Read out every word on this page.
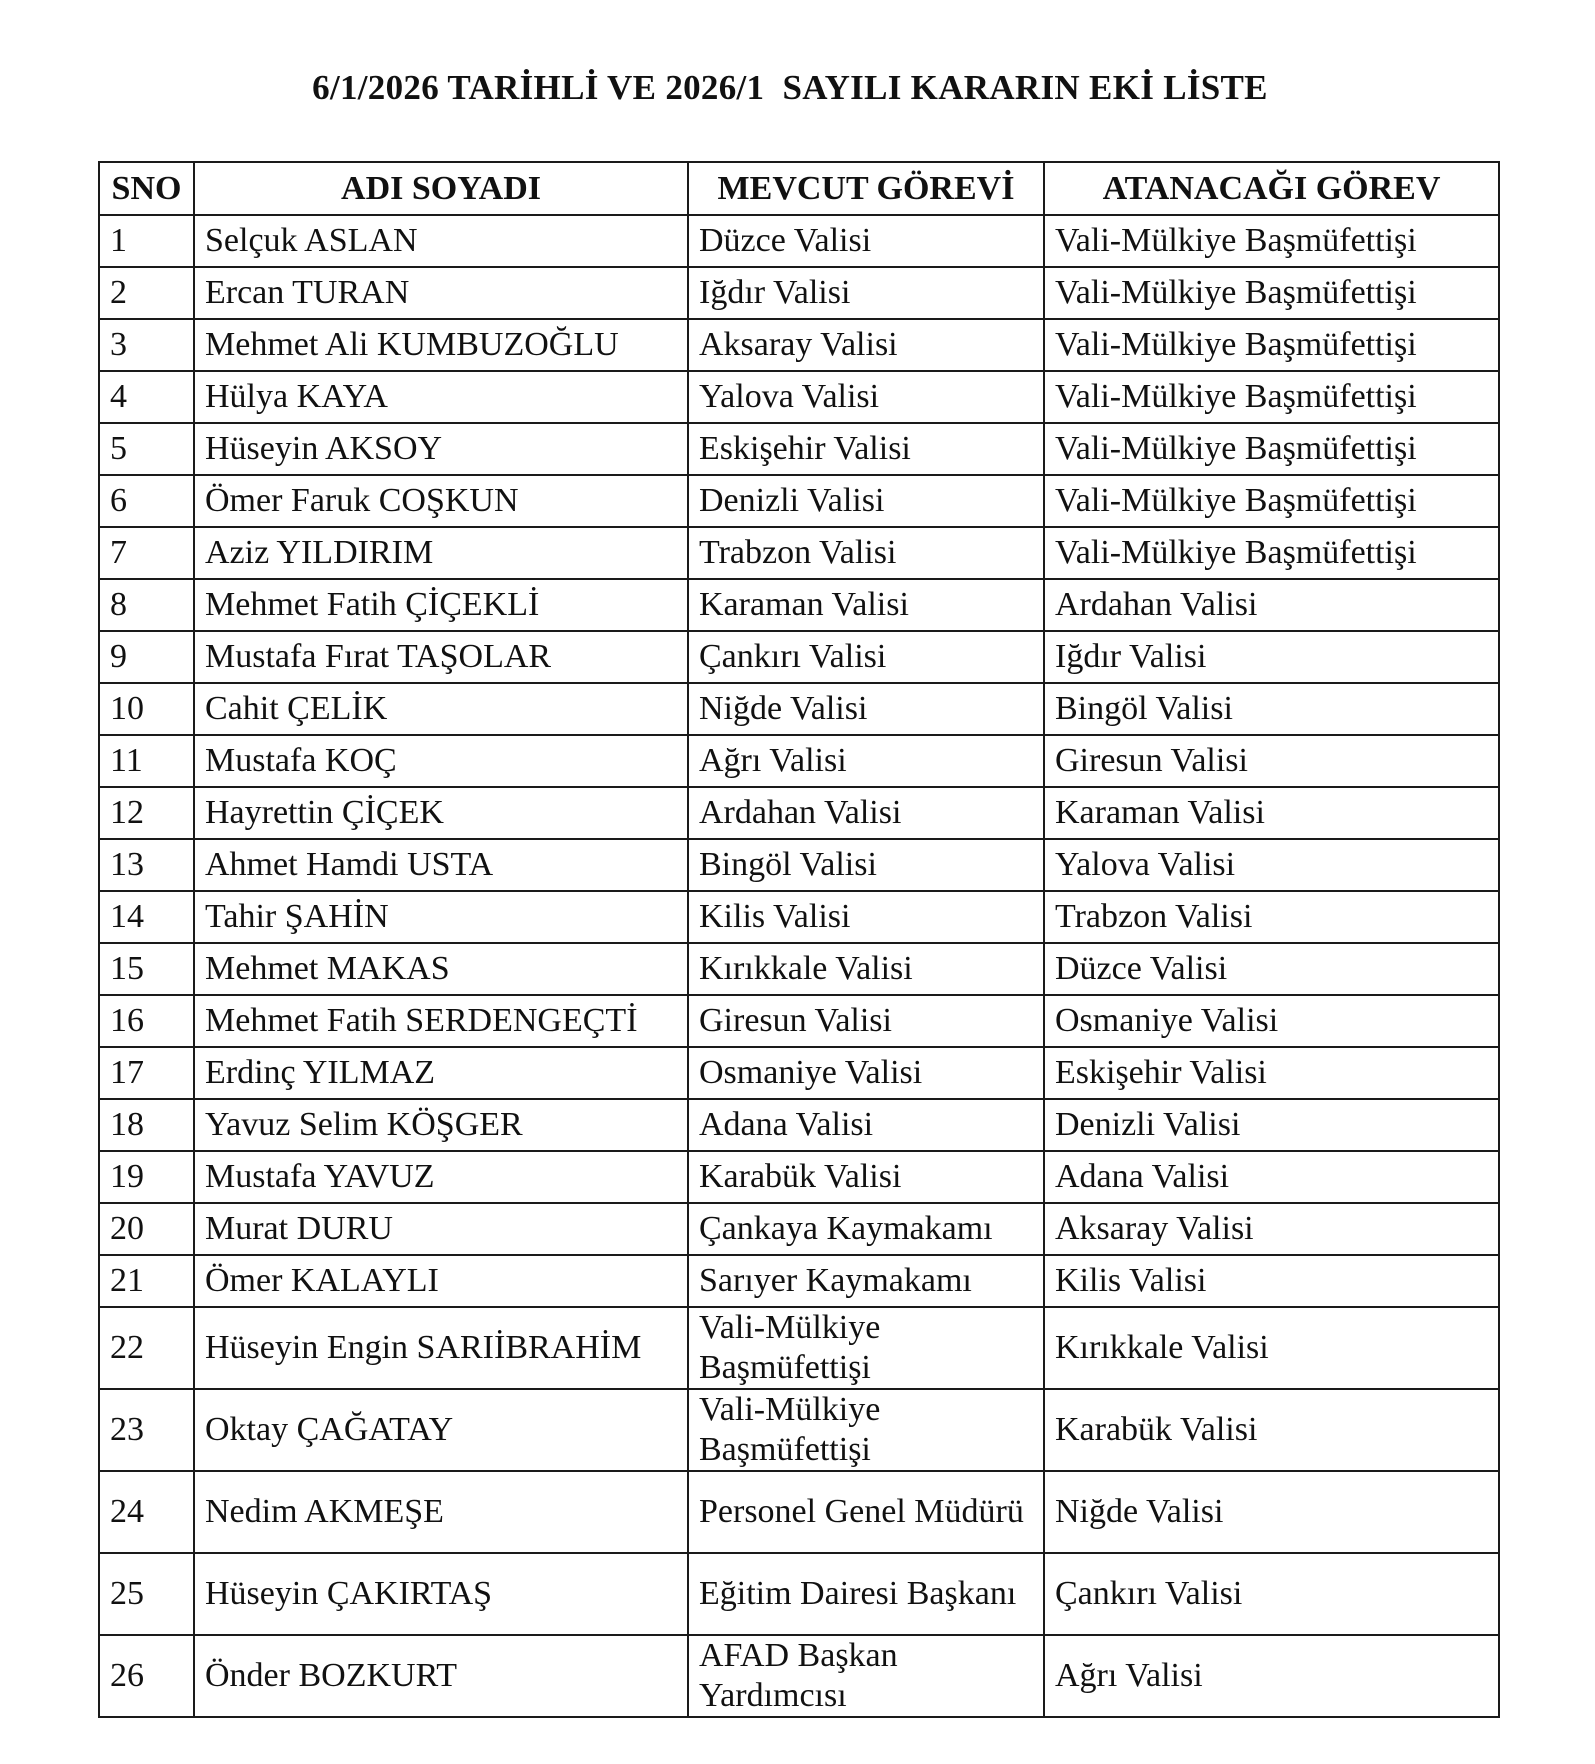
6/1/2026 TARİHLİ VE 2026/1  SAYILI KARARIN EKİ LİSTE
SNO	ADI SOYADI	MEVCUT GÖREVİ	ATANACAĞI GÖREV
1	Selçuk ASLAN	Düzce Valisi	Vali-Mülkiye Başmüfettişi
2	Ercan TURAN	Iğdır Valisi	Vali-Mülkiye Başmüfettişi
3	Mehmet Ali KUMBUZOĞLU	Aksaray Valisi	Vali-Mülkiye Başmüfettişi
4	Hülya KAYA	Yalova Valisi	Vali-Mülkiye Başmüfettişi
5	Hüseyin AKSOY	Eskişehir Valisi	Vali-Mülkiye Başmüfettişi
6	Ömer Faruk COŞKUN	Denizli Valisi	Vali-Mülkiye Başmüfettişi
7	Aziz YILDIRIM	Trabzon Valisi	Vali-Mülkiye Başmüfettişi
8	Mehmet Fatih ÇİÇEKLİ	Karaman Valisi	Ardahan Valisi
9	Mustafa Fırat TAŞOLAR	Çankırı Valisi	Iğdır Valisi
10	Cahit ÇELİK	Niğde Valisi	Bingöl Valisi
11	Mustafa KOÇ	Ağrı Valisi	Giresun Valisi
12	Hayrettin ÇİÇEK	Ardahan Valisi	Karaman Valisi
13	Ahmet Hamdi USTA	Bingöl Valisi	Yalova Valisi
14	Tahir ŞAHİN	Kilis Valisi	Trabzon Valisi
15	Mehmet MAKAS	Kırıkkale Valisi	Düzce Valisi
16	Mehmet Fatih SERDENGEÇTİ	Giresun Valisi	Osmaniye Valisi
17	Erdinç YILMAZ	Osmaniye Valisi	Eskişehir Valisi
18	Yavuz Selim KÖŞGER	Adana Valisi	Denizli Valisi
19	Mustafa YAVUZ	Karabük Valisi	Adana Valisi
20	Murat DURU	Çankaya Kaymakamı	Aksaray Valisi
21	Ömer KALAYLI	Sarıyer Kaymakamı	Kilis Valisi
22	Hüseyin Engin SARIİBRAHİM	Vali-Mülkiye Başmüfettişi	Kırıkkale Valisi
23	Oktay ÇAĞATAY	Vali-Mülkiye Başmüfettişi	Karabük Valisi
24	Nedim AKMEŞE	Personel Genel Müdürü	Niğde Valisi
25	Hüseyin ÇAKIRTAŞ	Eğitim Dairesi Başkanı	Çankırı Valisi
26	Önder BOZKURT	AFAD Başkan Yardımcısı	Ağrı Valisi
